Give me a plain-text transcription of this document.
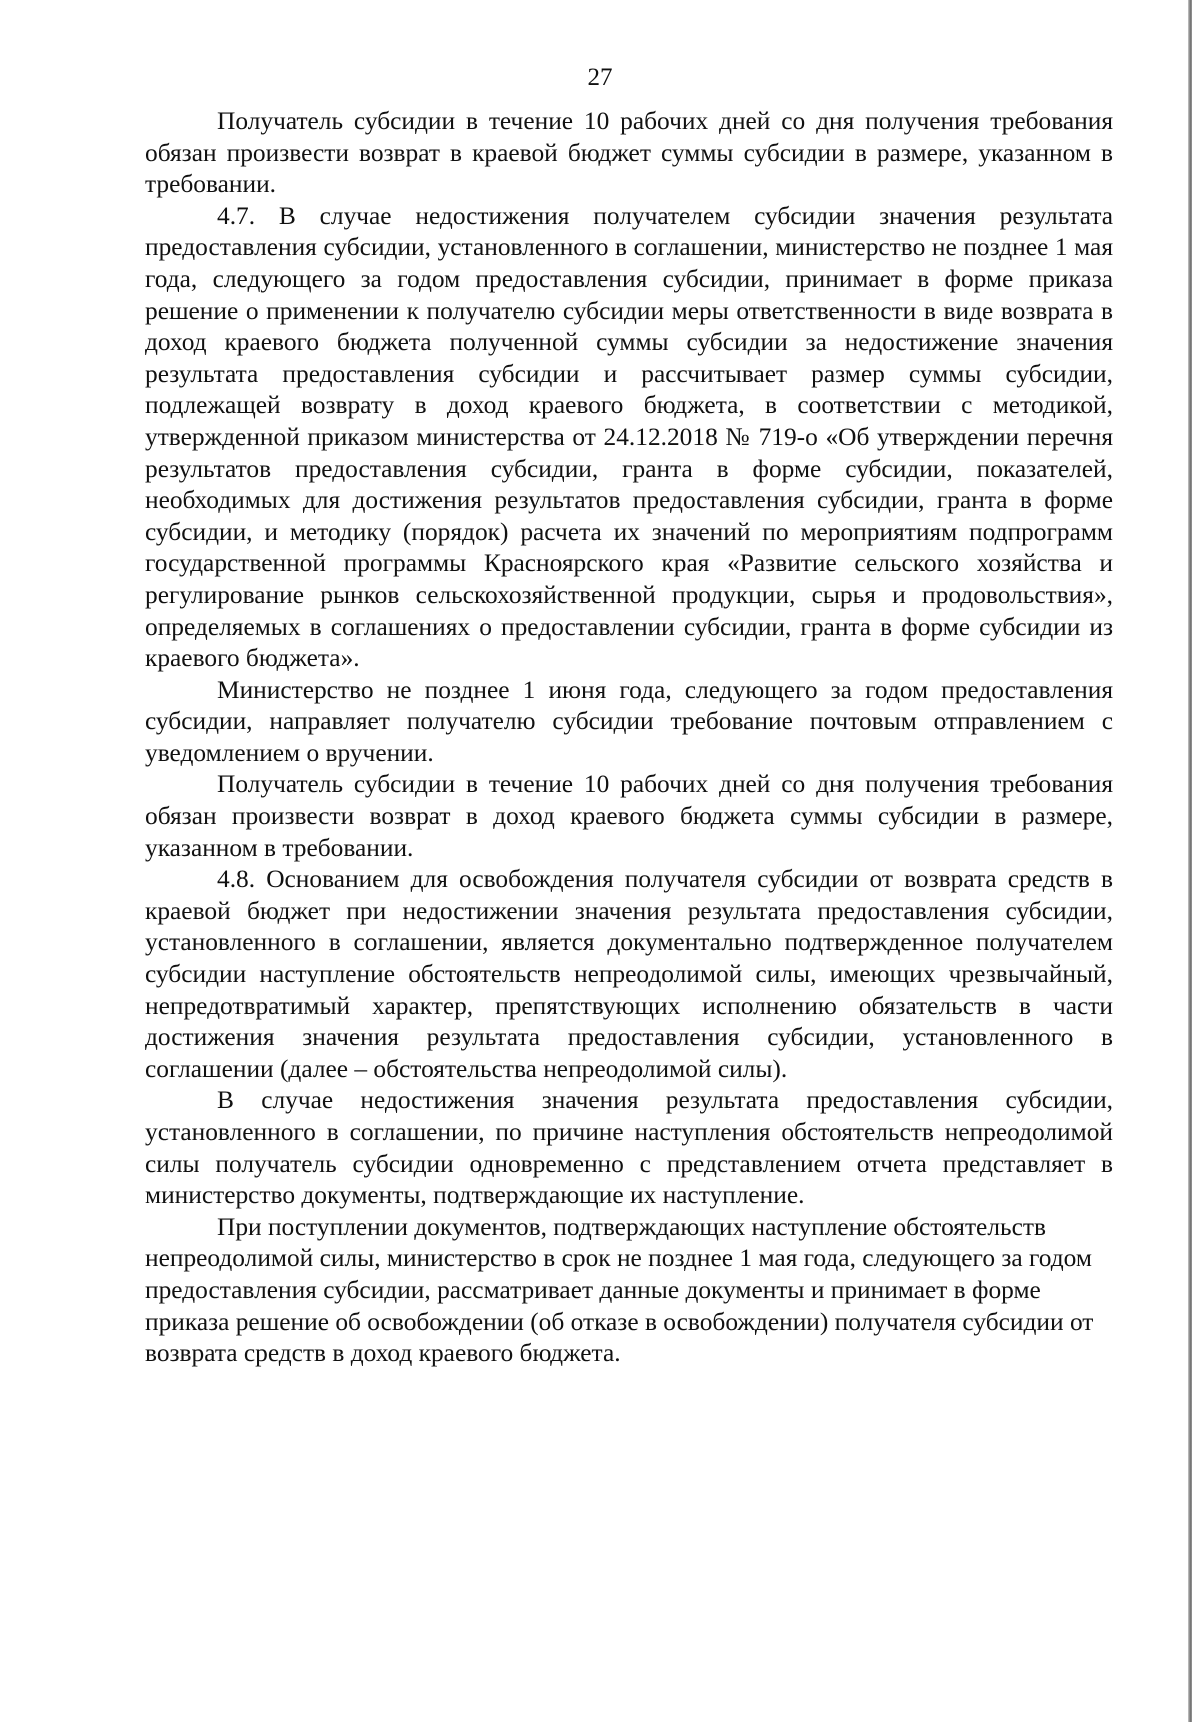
27

Получатель субсидии в течение 10 рабочих дней со дня получения требования обязан произвести возврат в краевой бюджет суммы субсидии в размере, указанном в требовании.

4.7. В случае недостижения получателем субсидии значения результата предоставления субсидии, установленного в соглашении, министерство не позднее 1 мая года, следующего за годом предоставления субсидии, принимает в форме приказа решение о применении к получателю субсидии меры ответственности в виде возврата в доход краевого бюджета полученной суммы субсидии за недостижение значения результата предоставления субсидии и рассчитывает размер суммы субсидии, подлежащей возврату в доход краевого бюджета, в соответствии с методикой, утвержденной приказом министерства от 24.12.2018 № 719-о «Об утверждении перечня результатов предоставления субсидии, гранта в форме субсидии, показателей, необходимых для достижения результатов предоставления субсидии, гранта в форме субсидии, и методику (порядок) расчета их значений по мероприятиям подпрограмм государственной программы Красноярского края «Развитие сельского хозяйства и регулирование рынков сельскохозяйственной продукции, сырья и продовольствия», определяемых в соглашениях о предоставлении субсидии, гранта в форме субсидии из краевого бюджета».

Министерство не позднее 1 июня года, следующего за годом предоставления субсидии, направляет получателю субсидии требование почтовым отправлением с уведомлением о вручении.

Получатель субсидии в течение 10 рабочих дней со дня получения требования обязан произвести возврат в доход краевого бюджета суммы субсидии в размере, указанном в требовании.

4.8. Основанием для освобождения получателя субсидии от возврата средств в краевой бюджет при недостижении значения результата предоставления субсидии, установленного в соглашении, является документально подтвержденное получателем субсидии наступление обстоятельств непреодолимой силы, имеющих чрезвычайный, непредотвратимый характер, препятствующих исполнению обязательств в части достижения значения результата предоставления субсидии, установленного в соглашении (далее – обстоятельства непреодолимой силы).

В случае недостижения значения результата предоставления субсидии, установленного в соглашении, по причине наступления обстоятельств непреодолимой силы получатель субсидии одновременно с представлением отчета представляет в министерство документы, подтверждающие их наступление.

При поступлении документов, подтверждающих наступление обстоятельств непреодолимой силы, министерство в срок не позднее 1 мая года, следующего за годом предоставления субсидии, рассматривает данные документы и принимает в форме приказа решение об освобождении (об отказе в освобождении) получателя субсидии от возврата средств в доход краевого бюджета.
